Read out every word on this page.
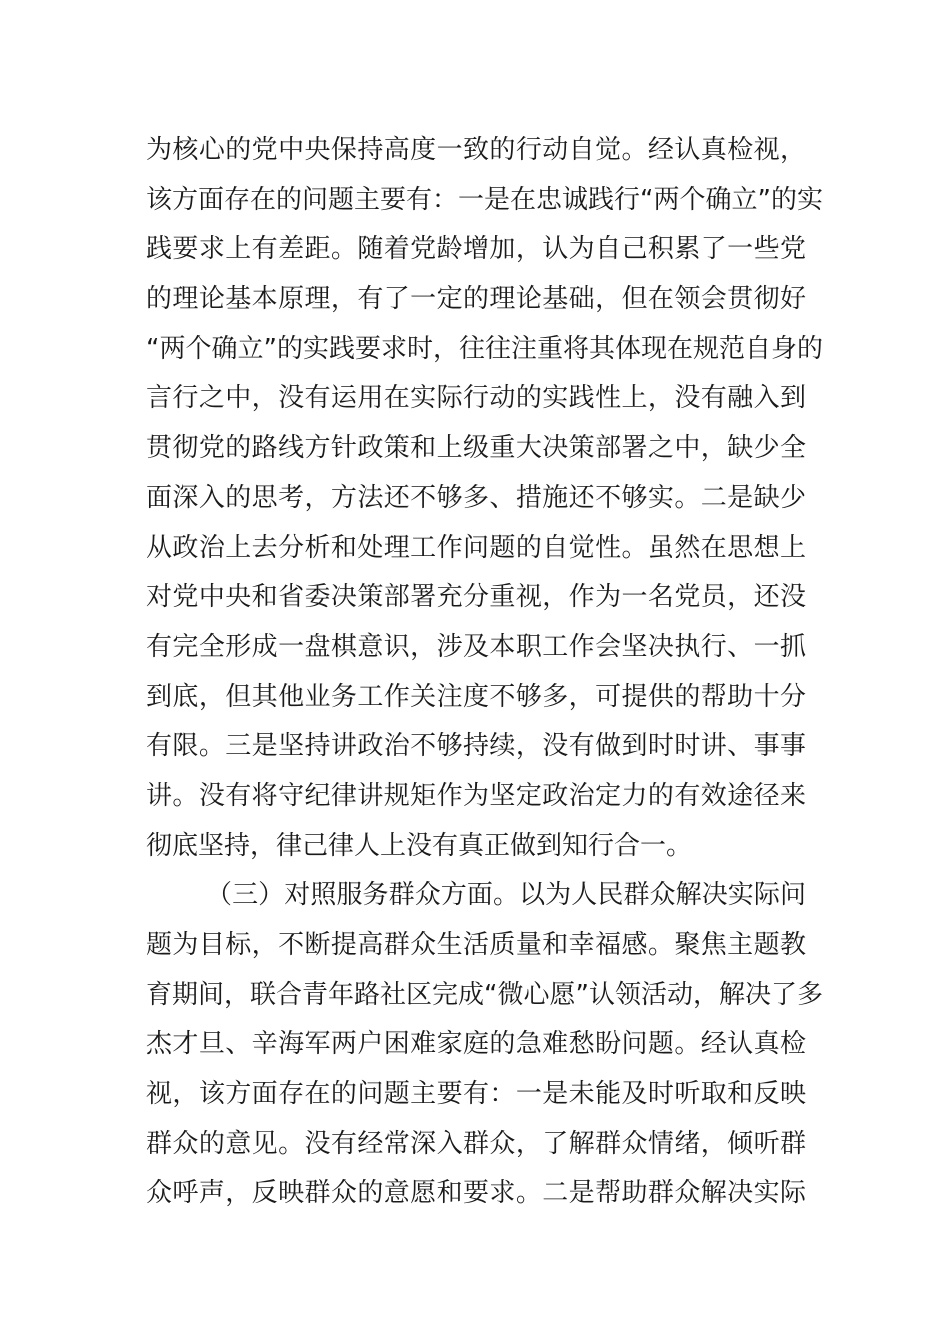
为核心的党中央保持高度一致的行动自觉。经认真检视，
该方面存在的问题主要有：一是在忠诚践行“两个确立”的实
践要求上有差距。随着党龄增加，认为自己积累了一些党
的理论基本原理，有了一定的理论基础，但在领会贯彻好
“两个确立”的实践要求时，往往注重将其体现在规范自身的
言行之中，没有运用在实际行动的实践性上，没有融入到
贯彻党的路线方针政策和上级重大决策部署之中，缺少全
面深入的思考，方法还不够多、措施还不够实。二是缺少
从政治上去分析和处理工作问题的自觉性。虽然在思想上
对党中央和省委决策部署充分重视，作为一名党员，还没
有完全形成一盘棋意识，涉及本职工作会坚决执行、一抓
到底，但其他业务工作关注度不够多，可提供的帮助十分
有限。三是坚持讲政治不够持续，没有做到时时讲、事事
讲。没有将守纪律讲规矩作为坚定政治定力的有效途径来
彻底坚持，律己律人上没有真正做到知行合一。
（三）对照服务群众方面。以为人民群众解决实际问
题为目标，不断提高群众生活质量和幸福感。聚焦主题教
育期间，联合青年路社区完成“微心愿”认领活动，解决了多
杰才旦、辛海军两户困难家庭的急难愁盼问题。经认真检
视，该方面存在的问题主要有：一是未能及时听取和反映
群众的意见。没有经常深入群众，了解群众情绪，倾听群
众呼声，反映群众的意愿和要求。二是帮助群众解决实际
